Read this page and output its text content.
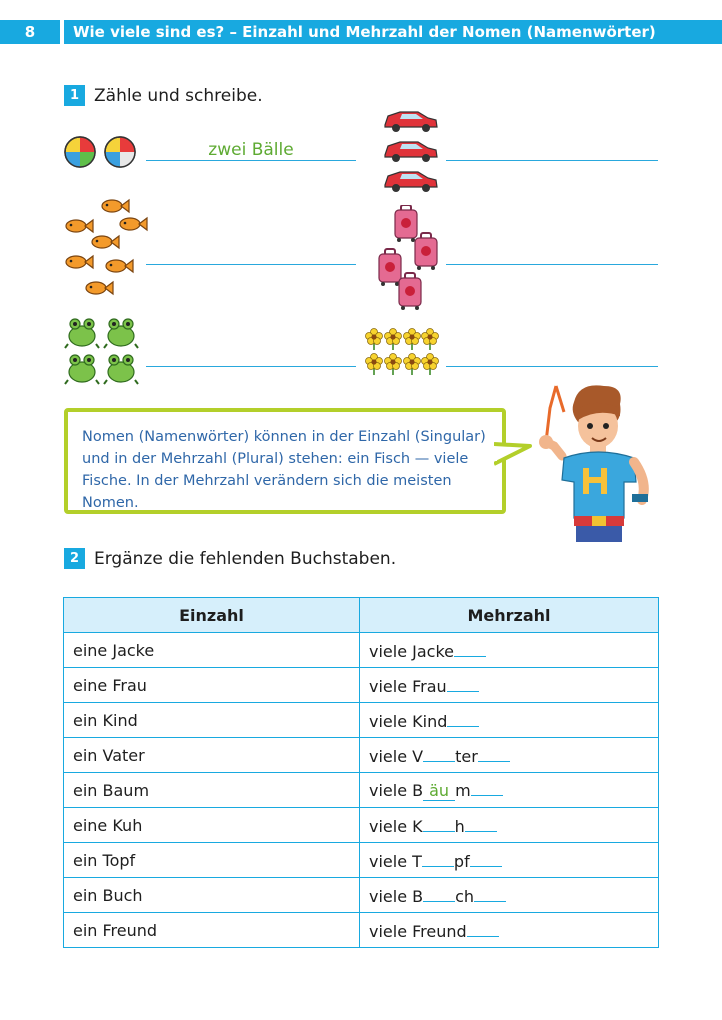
8	Wie viele sind es? – Einzahl und Mehrzahl der Nomen (Namenwörter)
1 Zähle und schreibe.
zwei Bälle
Nomen (Namenwörter) können in der Einzahl (Singular)
und in der Mehrzahl (Plural) stehen: ein Fisch — viele
Fische. In der Mehrzahl verändern sich die meisten Nomen.
2 Ergänze die fehlenden Buchstaben.
Einzahl	Mehrzahl
eine Jacke	viele Jacke
eine Frau	viele Frau
ein Kind	viele Kind
ein Vater	viele V ter
ein Baum	viele B äu m
eine Kuh	viele K h
ein Topf	viele T pf
ein Buch	viele B ch
ein Freund	viele Freund
